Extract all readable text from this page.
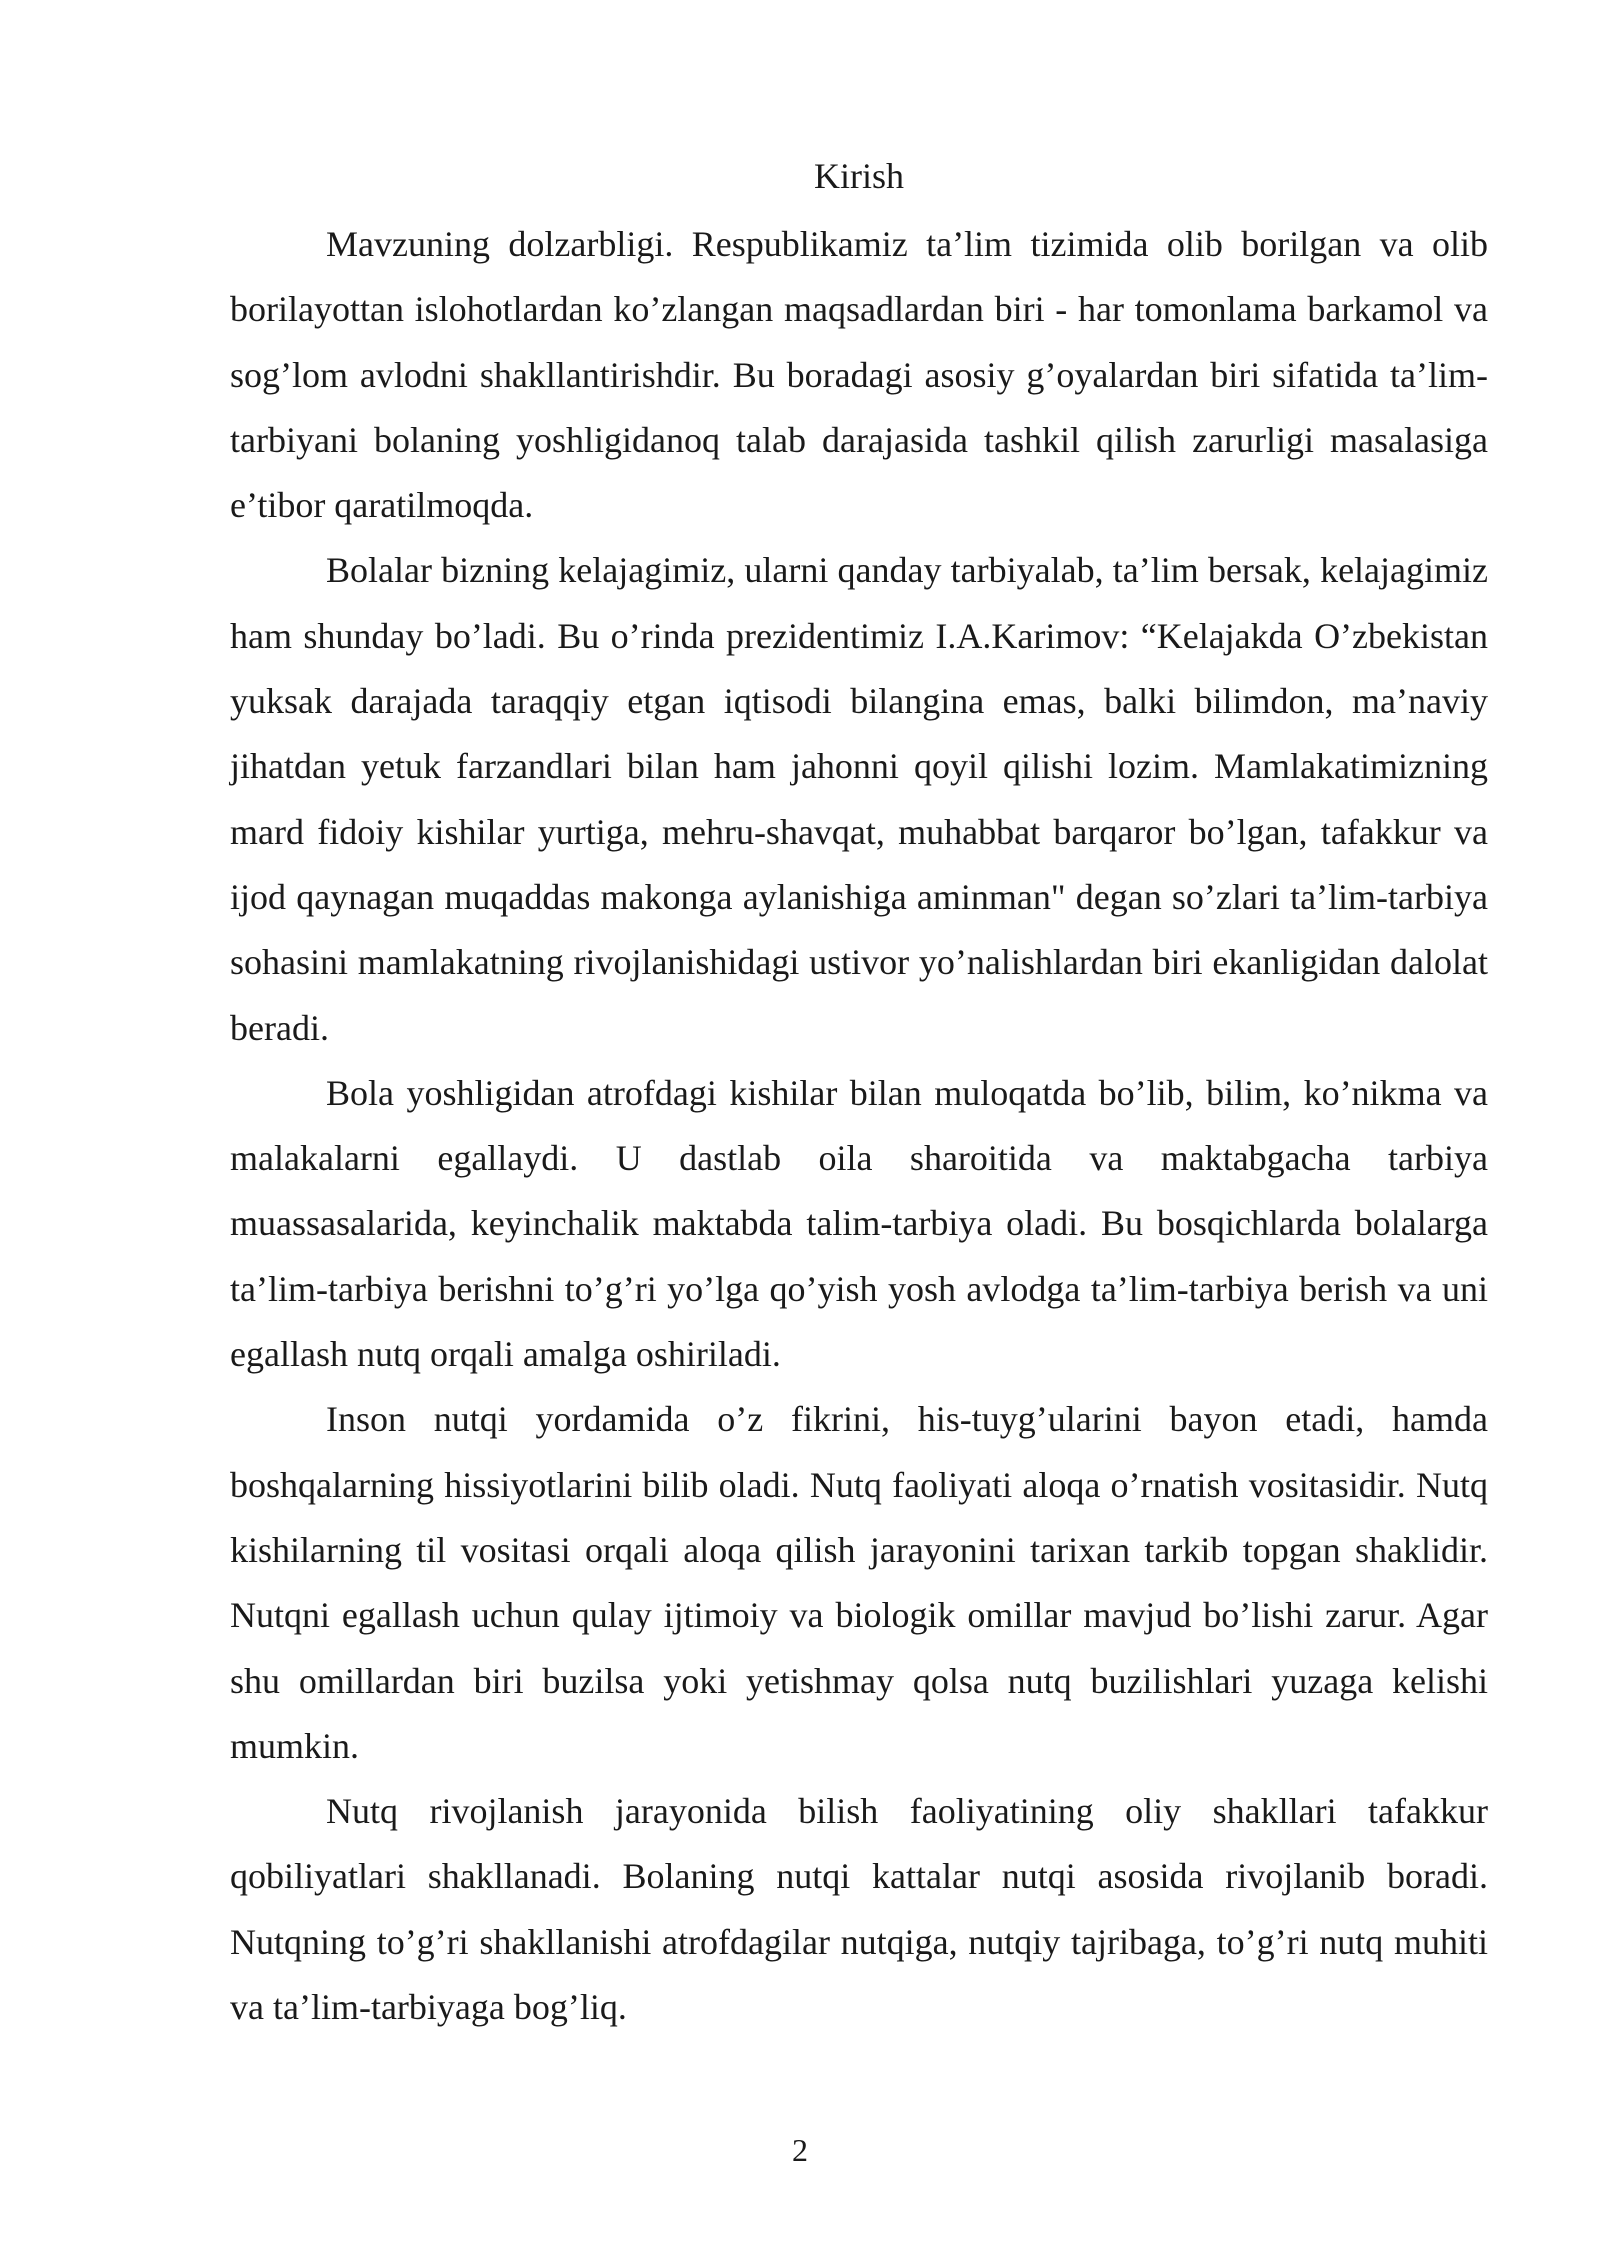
Kirish

Mavzuning dolzarbligi. Respublikamiz ta’lim tizimida olib borilgan va olib borilayottan islohotlardan ko’zlangan maqsadlardan biri - har tomonlama barkamol va sog’lom avlodni shakllantirishdir. Bu boradagi asosiy g’oyalardan biri sifatida ta’lim-tarbiyani bolaning yoshligidanoq talab darajasida tashkil qilish zarurligi masalasiga e’tibor qaratilmoqda.

Bolalar bizning kelajagimiz, ularni qanday tarbiyalab, ta’lim bersak, kelajagimiz ham shunday bo’ladi. Bu o’rinda prezidentimiz I.A.Karimov: “Kelajakda O’zbekistan yuksak darajada taraqqiy etgan iqtisodi bilangina emas, balki bilimdon, ma’naviy jihatdan yetuk farzandlari bilan ham jahonni qoyil qilishi lozim. Mamlakatimizning mard fidoiy kishilar yurtiga, mehru-shavqat, muhabbat barqaror bo’lgan, tafakkur va ijod qaynagan muqaddas makonga aylanishiga aminman" degan so’zlari ta’lim-tarbiya sohasini mamlakatning rivojlanishidagi ustivor yo’nalishlardan biri ekanligidan dalolat beradi.

Bola yoshligidan atrofdagi kishilar bilan muloqatda bo’lib, bilim, ko’nikma va malakalarni egallaydi. U dastlab oila sharoitida va maktabgacha tarbiya muassasalarida, keyinchalik maktabda talim-tarbiya oladi. Bu bosqichlarda bolalarga ta’lim-tarbiya berishni to’g’ri yo’lga qo’yish yosh avlodga ta’lim-tarbiya berish va uni egallash nutq orqali amalga oshiriladi.

Inson nutqi yordamida o’z fikrini, his-tuyg’ularini bayon etadi, hamda boshqalarning hissiyotlarini bilib oladi. Nutq faoliyati aloqa o’rnatish vositasidir. Nutq kishilarning til vositasi orqali aloqa qilish jarayonini tarixan tarkib topgan shaklidir. Nutqni egallash uchun qulay ijtimoiy va biologik omillar mavjud bo’lishi zarur. Agar shu omillardan biri buzilsa yoki yetishmay qolsa nutq buzilishlari yuzaga kelishi mumkin.

Nutq rivojlanish jarayonida bilish faoliyatining oliy shakllari tafakkur qobiliyatlari shakllanadi. Bolaning nutqi kattalar nutqi asosida rivojlanib boradi. Nutqning to’g’ri shakllanishi atrofdagilar nutqiga, nutqiy tajribaga, to’g’ri nutq muhiti va ta’lim-tarbiyaga bog’liq.

2
